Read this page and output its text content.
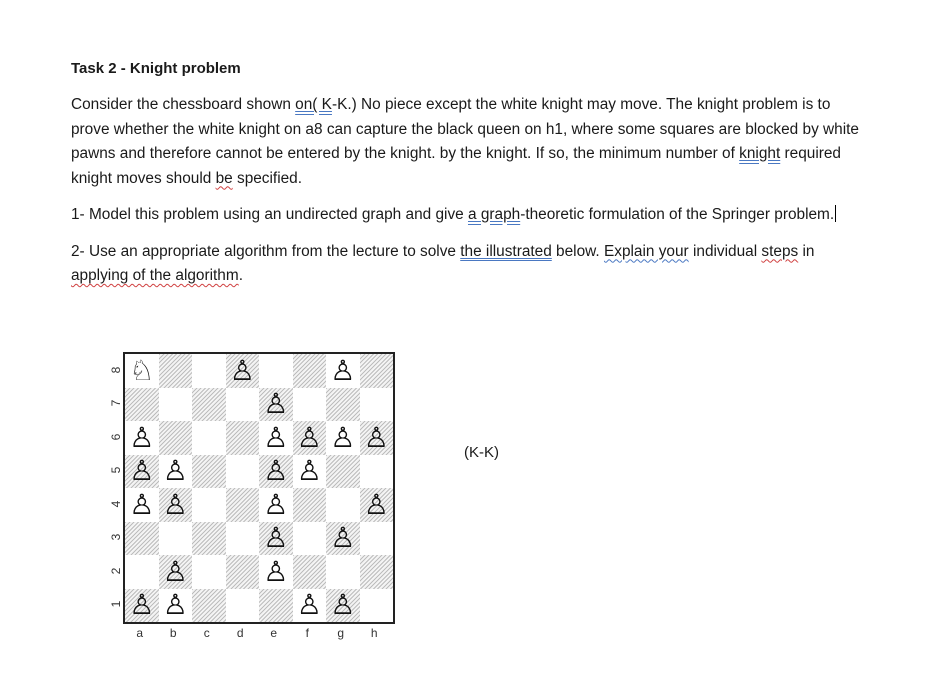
Task 2 - Knight problem

Consider the chessboard shown on( K-K.) No piece except the white knight may move. The knight problem is to prove whether the white knight on a8 can capture the black queen on h1, where some squares are blocked by white pawns and therefore cannot be entered by the knight. by the knight. If so, the minimum number of knight required knight moves should be specified.

1- Model this problem using an undirected graph and give a graph-theoretic formulation of the Springer problem.

2- Use an appropriate algorithm from the lecture to solve the illustrated below. Explain your individual steps in applying of the algorithm.

8
7
6
5
4
3
2
1
♘	♙	♙
♙
♙	♙ ♙ ♙ ♙
♙ ♙	♙ ♙
♙ ♙	♙	♙
♙ ♙
♙	♙
♙ ♙	♙ ♙
a	b	c	d	e	f	g	h
(K-K)
